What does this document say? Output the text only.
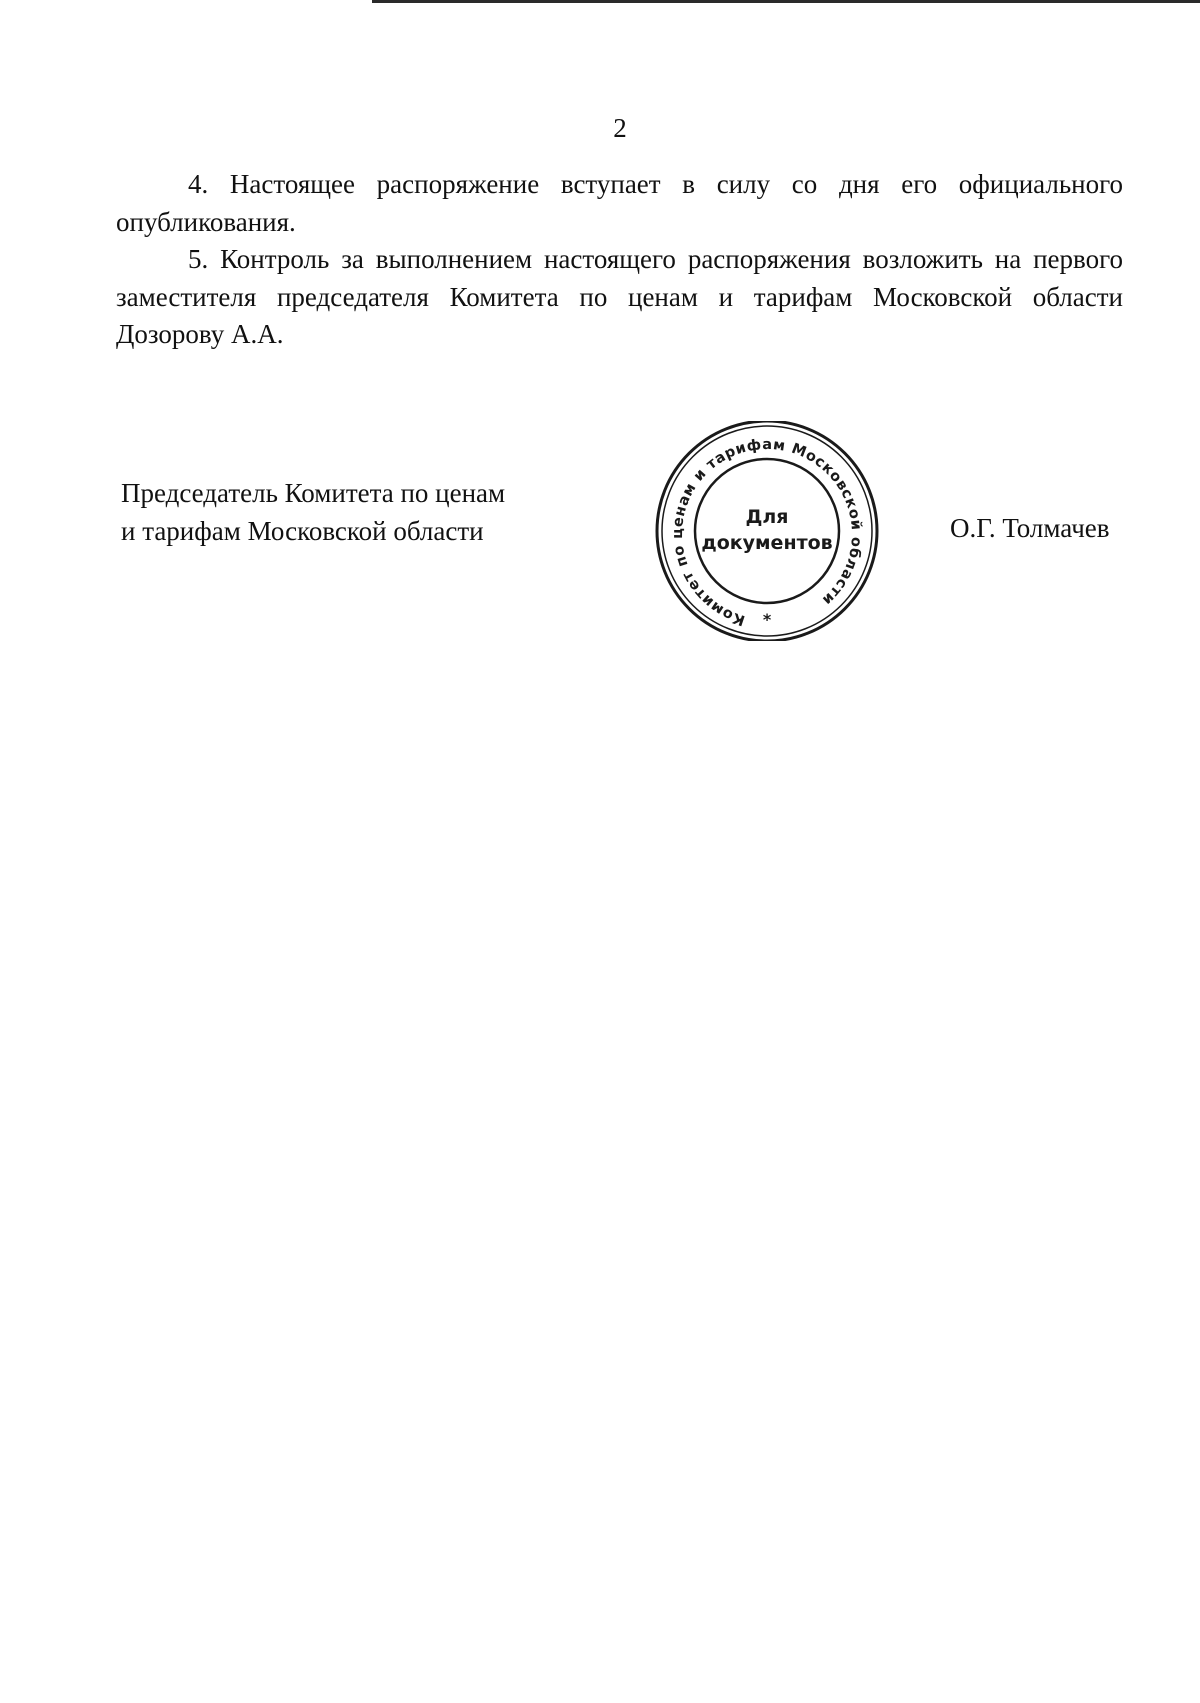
2

4. Настоящее распоряжение вступает в силу со дня его официального опубликования.

5. Контроль за выполнением настоящего распоряжения возложить на первого заместителя председателя Комитета по ценам и тарифам Московской области Дозорову А.А.

Председатель Комитета по ценам
и тарифам Московской области
Комитет по ценам и тарифам Московской области
Для
документов
*
О.Г. Толмачев
